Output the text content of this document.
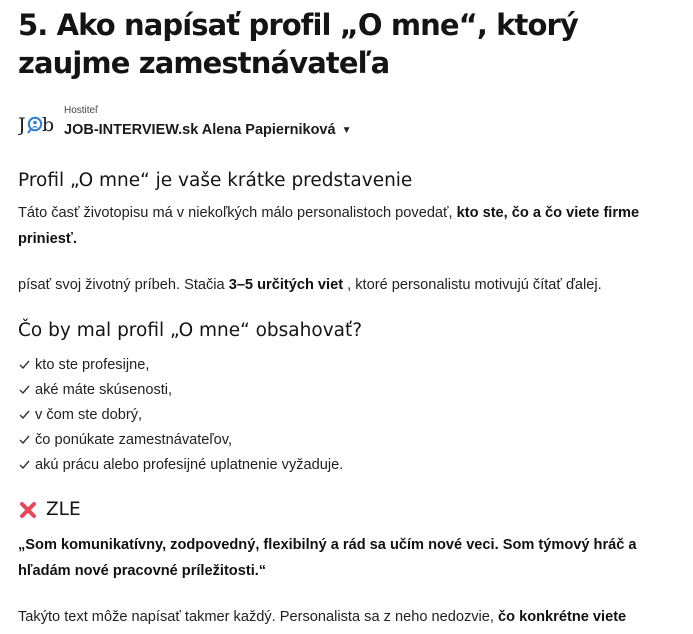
5. Ako napísať profil „O mne“, ktorý zaujme zamestnávateľa
J b
Hostiteľ
JOB-INTERVIEW.sk Alena Papierniková ▼
Profil „O mne“ je vaše krátke predstavenie

Táto časť životopisu má v niekoľkých málo personalistoch povedať, kto ste, čo a čo viete firme priniesť.

písať svoj životný príbeh. Stačia 3–5 určitých viet , ktoré personalistu motivujú čítať ďalej.

Čo by mal profil „O mne“ obsahovať?
kto ste profesijne,
aké máte skúsenosti,
v čom ste dobrý,
čo ponúkate zamestnávateľov,
akú prácu alebo profesijné uplatnenie vyžaduje.
ZLE

„Som komunikatívny, zodpovedný, flexibilný a rád sa učím nové veci. Som týmový hráč a hľadám nové pracovné príležitosti.“

Takýto text môže napísať takmer každý. Personalista sa z neho nedozvie, čo konkrétne viete
